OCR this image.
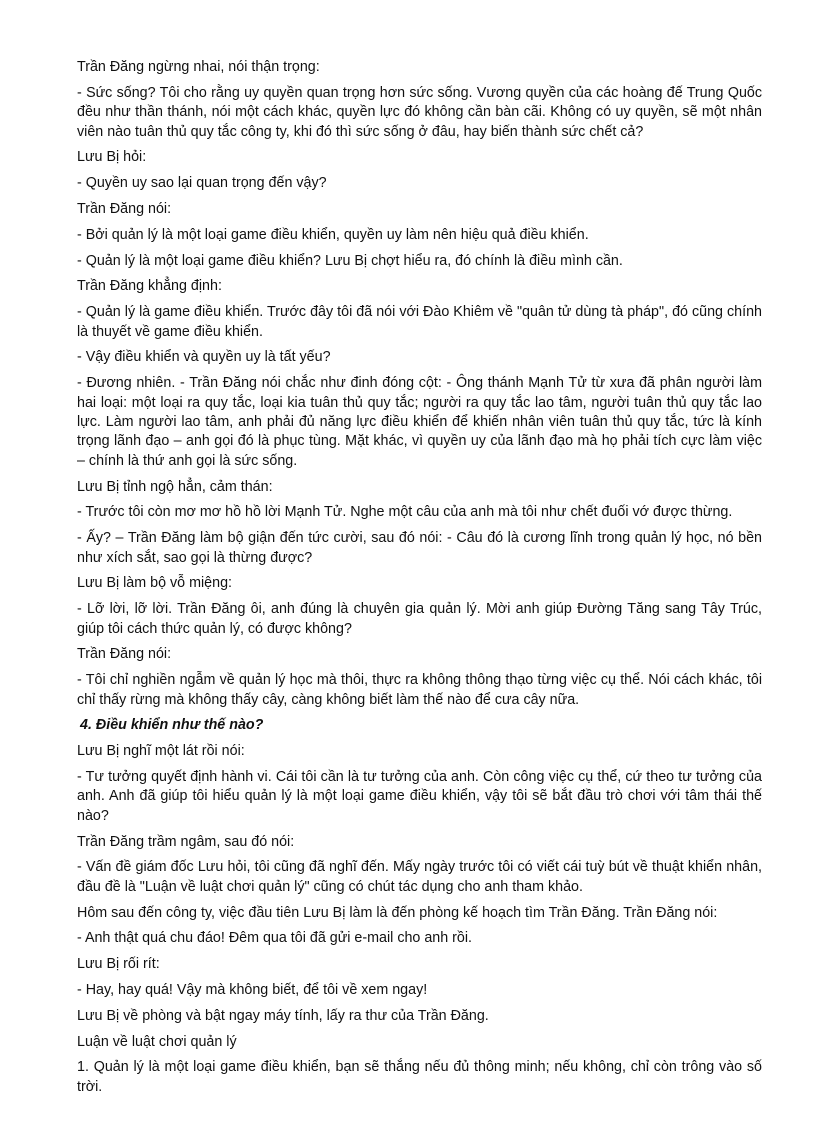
Trần Đăng ngừng nhai, nói thận trọng:

- Sức sống? Tôi cho rằng uy quyền quan trọng hơn sức sống. Vương quyền của các hoàng đế Trung Quốc đều như thần thánh, nói một cách khác, quyền lực đó không cần bàn cãi. Không có uy quyền, sẽ một nhân viên nào tuân thủ quy tắc công ty, khi đó thì sức sống ở đâu, hay biến thành sức chết cả?

Lưu Bị hỏi:

- Quyền uy sao lại quan trọng đến vậy?

Trần Đăng nói:

- Bởi quản lý là một loại game điều khiển, quyền uy làm nên hiệu quả điều khiển.

- Quản lý là một loại game điều khiển? Lưu Bị chợt hiểu ra, đó chính là điều mình cần.

Trần Đăng khẳng định:

- Quản lý là game điều khiển. Trước đây tôi đã nói với Đào Khiêm về "quân tử dùng tà pháp", đó cũng chính là thuyết về game điều khiển.

- Vậy điều khiển và quyền uy là tất yếu?

- Đương nhiên. - Trần Đăng nói chắc như đinh đóng cột: - Ông thánh Mạnh Tử từ xưa đã phân người làm hai loại: một loại ra quy tắc, loại kia tuân thủ quy tắc; người ra quy tắc lao tâm, người tuân thủ quy tắc lao lực. Làm người lao tâm, anh phải đủ năng lực điều khiển để khiến nhân viên tuân thủ quy tắc, tức là kính trọng lãnh đạo – anh gọi đó là phục tùng. Mặt khác, vì quyền uy của lãnh đạo mà họ phải tích cực làm việc – chính là thứ anh gọi là sức sống.

Lưu Bị tỉnh ngộ hẳn, cảm thán:

- Trước tôi còn mơ mơ hồ hồ lời Mạnh Tử. Nghe một câu của anh mà tôi như chết đuối vớ được thừng.

- Ấy? – Trần Đăng làm bộ giận đến tức cười, sau đó nói: - Câu đó là cương lĩnh trong quản lý học, nó bền như xích sắt, sao gọi là thừng được?

Lưu Bị làm bộ vỗ miệng:

- Lỡ lời, lỡ lời. Trần Đăng ôi, anh đúng là chuyên gia quản lý. Mời anh giúp Đường Tăng sang Tây Trúc, giúp tôi cách thức quản lý, có được không?

Trần Đăng nói:

- Tôi chỉ nghiền ngẫm về quản lý học mà thôi, thực ra không thông thạo từng việc cụ thể. Nói cách khác, tôi chỉ thấy rừng mà không thấy cây, càng không biết làm thế nào để cưa cây nữa.

4. Điều khiển như thế nào?

Lưu Bị nghĩ một lát rồi nói:

- Tư tưởng quyết định hành vi. Cái tôi cần là tư tưởng của anh. Còn công việc cụ thể, cứ theo tư tưởng của anh. Anh đã giúp tôi hiểu quản lý là một loại game điều khiển, vậy tôi sẽ bắt đầu trò chơi với tâm thái thế nào?

Trần Đăng trầm ngâm, sau đó nói:

- Vấn đề giám đốc Lưu hỏi, tôi cũng đã nghĩ đến. Mấy ngày trước tôi có viết cái tuỳ bút về thuật khiển nhân, đầu đề là "Luận về luật chơi quản lý" cũng có chút tác dụng cho anh tham khảo.

Hôm sau đến công ty, việc đầu tiên Lưu Bị làm là đến phòng kế hoạch tìm Trần Đăng. Trần Đăng nói:

- Anh thật quá chu đáo! Đêm qua tôi đã gửi e-mail cho anh rồi.

Lưu Bị rối rít:

- Hay, hay quá! Vậy mà không biết, để tôi về xem ngay!

Lưu Bị về phòng và bật ngay máy tính, lấy ra thư của Trần Đăng.

Luận về luật chơi quản lý

1. Quản lý là một loại game điều khiển, bạn sẽ thắng nếu đủ thông minh; nếu không, chỉ còn trông vào số trời.
